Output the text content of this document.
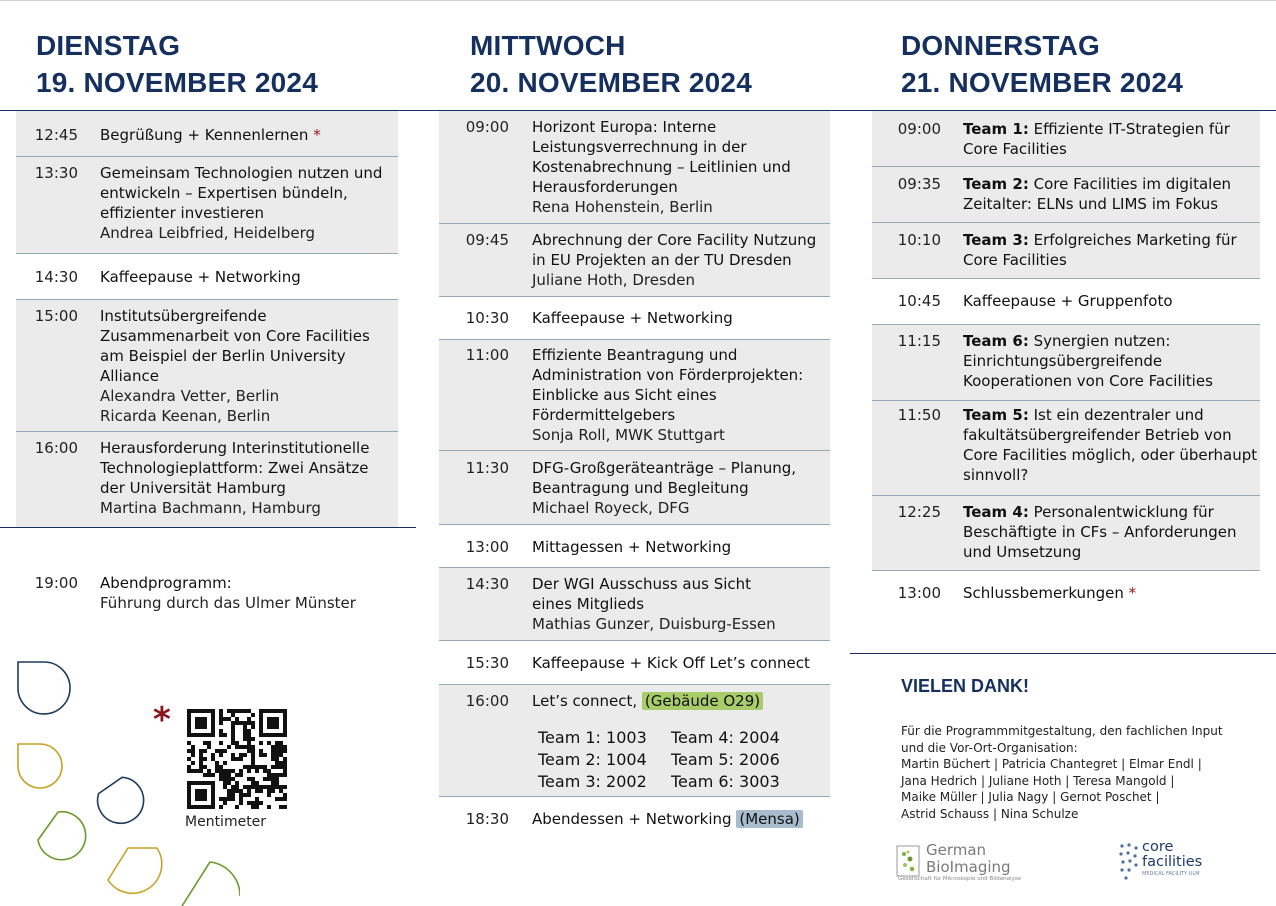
DIENSTAG
19. NOVEMBER 2024
MITTWOCH
20. NOVEMBER 2024
DONNERSTAG
21. NOVEMBER 2024
12:45	Begrüßung + Kennenlernen *
13:30 Gemeinsam Technologien nutzen und entwickeln – Expertisen bündeln, effizienter investieren
Andrea Leibfried, Heidelberg
14:30	Kaffeepause + Networking
15:00 Institutsübergreifende Zusammenarbeit von Core Facilities am Beispiel der Berlin University Alliance
Alexandra Vetter, Berlin
Ricarda Keenan, Berlin
16:00 Herausforderung Interinstitutionelle Technologieplattform: Zwei Ansätze der Universität Hamburg
Martina Bachmann, Hamburg
19:00 Abendprogramm:
Führung durch das Ulmer Münster
*
Mentimeter
09:00 Horizont Europa: Interne Leistungsverrechnung in der Kostenabrechnung – Leitlinien und Herausforderungen
Rena Hohenstein, Berlin
09:45 Abrechnung der Core Facility Nutzung in EU Projekten an der TU Dresden
Juliane Hoth, Dresden
10:30	Kaffeepause + Networking
11:00 Effiziente Beantragung und Administration von Förderprojekten: Einblicke aus Sicht eines Fördermittelgebers
Sonja Roll, MWK Stuttgart
11:30 DFG-Großgeräteanträge – Planung, Beantragung und Begleitung
Michael Royeck, DFG
13:00	Mittagessen + Networking
14:30 Der WGI Ausschuss aus Sicht eines Mitglieds
Mathias Gunzer, Duisburg-Essen
15:30	Kaffeepause + Kick Off Let’s connect
16:00 Let’s connect, (Gebäude O29)
Team 1: 1003	Team 4: 2004
Team 2: 1004	Team 5: 2006
Team 3: 2002	Team 6: 3003
18:30	Abendessen + Networking (Mensa)
09:00	Team 1: Effiziente IT-Strategien für Core Facilities
09:35	Team 2: Core Facilities im digitalen Zeitalter: ELNs und LIMS im Fokus
10:10	Team 3: Erfolgreiches Marketing für Core Facilities
10:45	Kaffeepause + Gruppenfoto
11:15	Team 6: Synergien nutzen: Einrichtungsübergreifende Kooperationen von Core Facilities
11:50	Team 5: Ist ein dezentraler und fakultätsübergreifender Betrieb von Core Facilities möglich, oder überhaupt sinnvoll?
12:25	Team 4: Personalentwicklung für Beschäftigte in CFs – Anforderungen und Umsetzung
13:00	Schlussbemerkungen *
VIELEN DANK!
Für die Programmmitgestaltung, den fachlichen Input und die Vor-Ort-Organisation:
Martin Büchert | Patricia Chantegret | Elmar Endl |
Jana Hedrich | Juliane Hoth | Teresa Mangold |
Maike Müller | Julia Nagy | Gernot Poschet |
Astrid Schauss | Nina Schulze
German
BioImaging
Gesellschaft für Mikroskopie und Bildanalyse
core
facilities
MEDICAL FACILITY ULM
